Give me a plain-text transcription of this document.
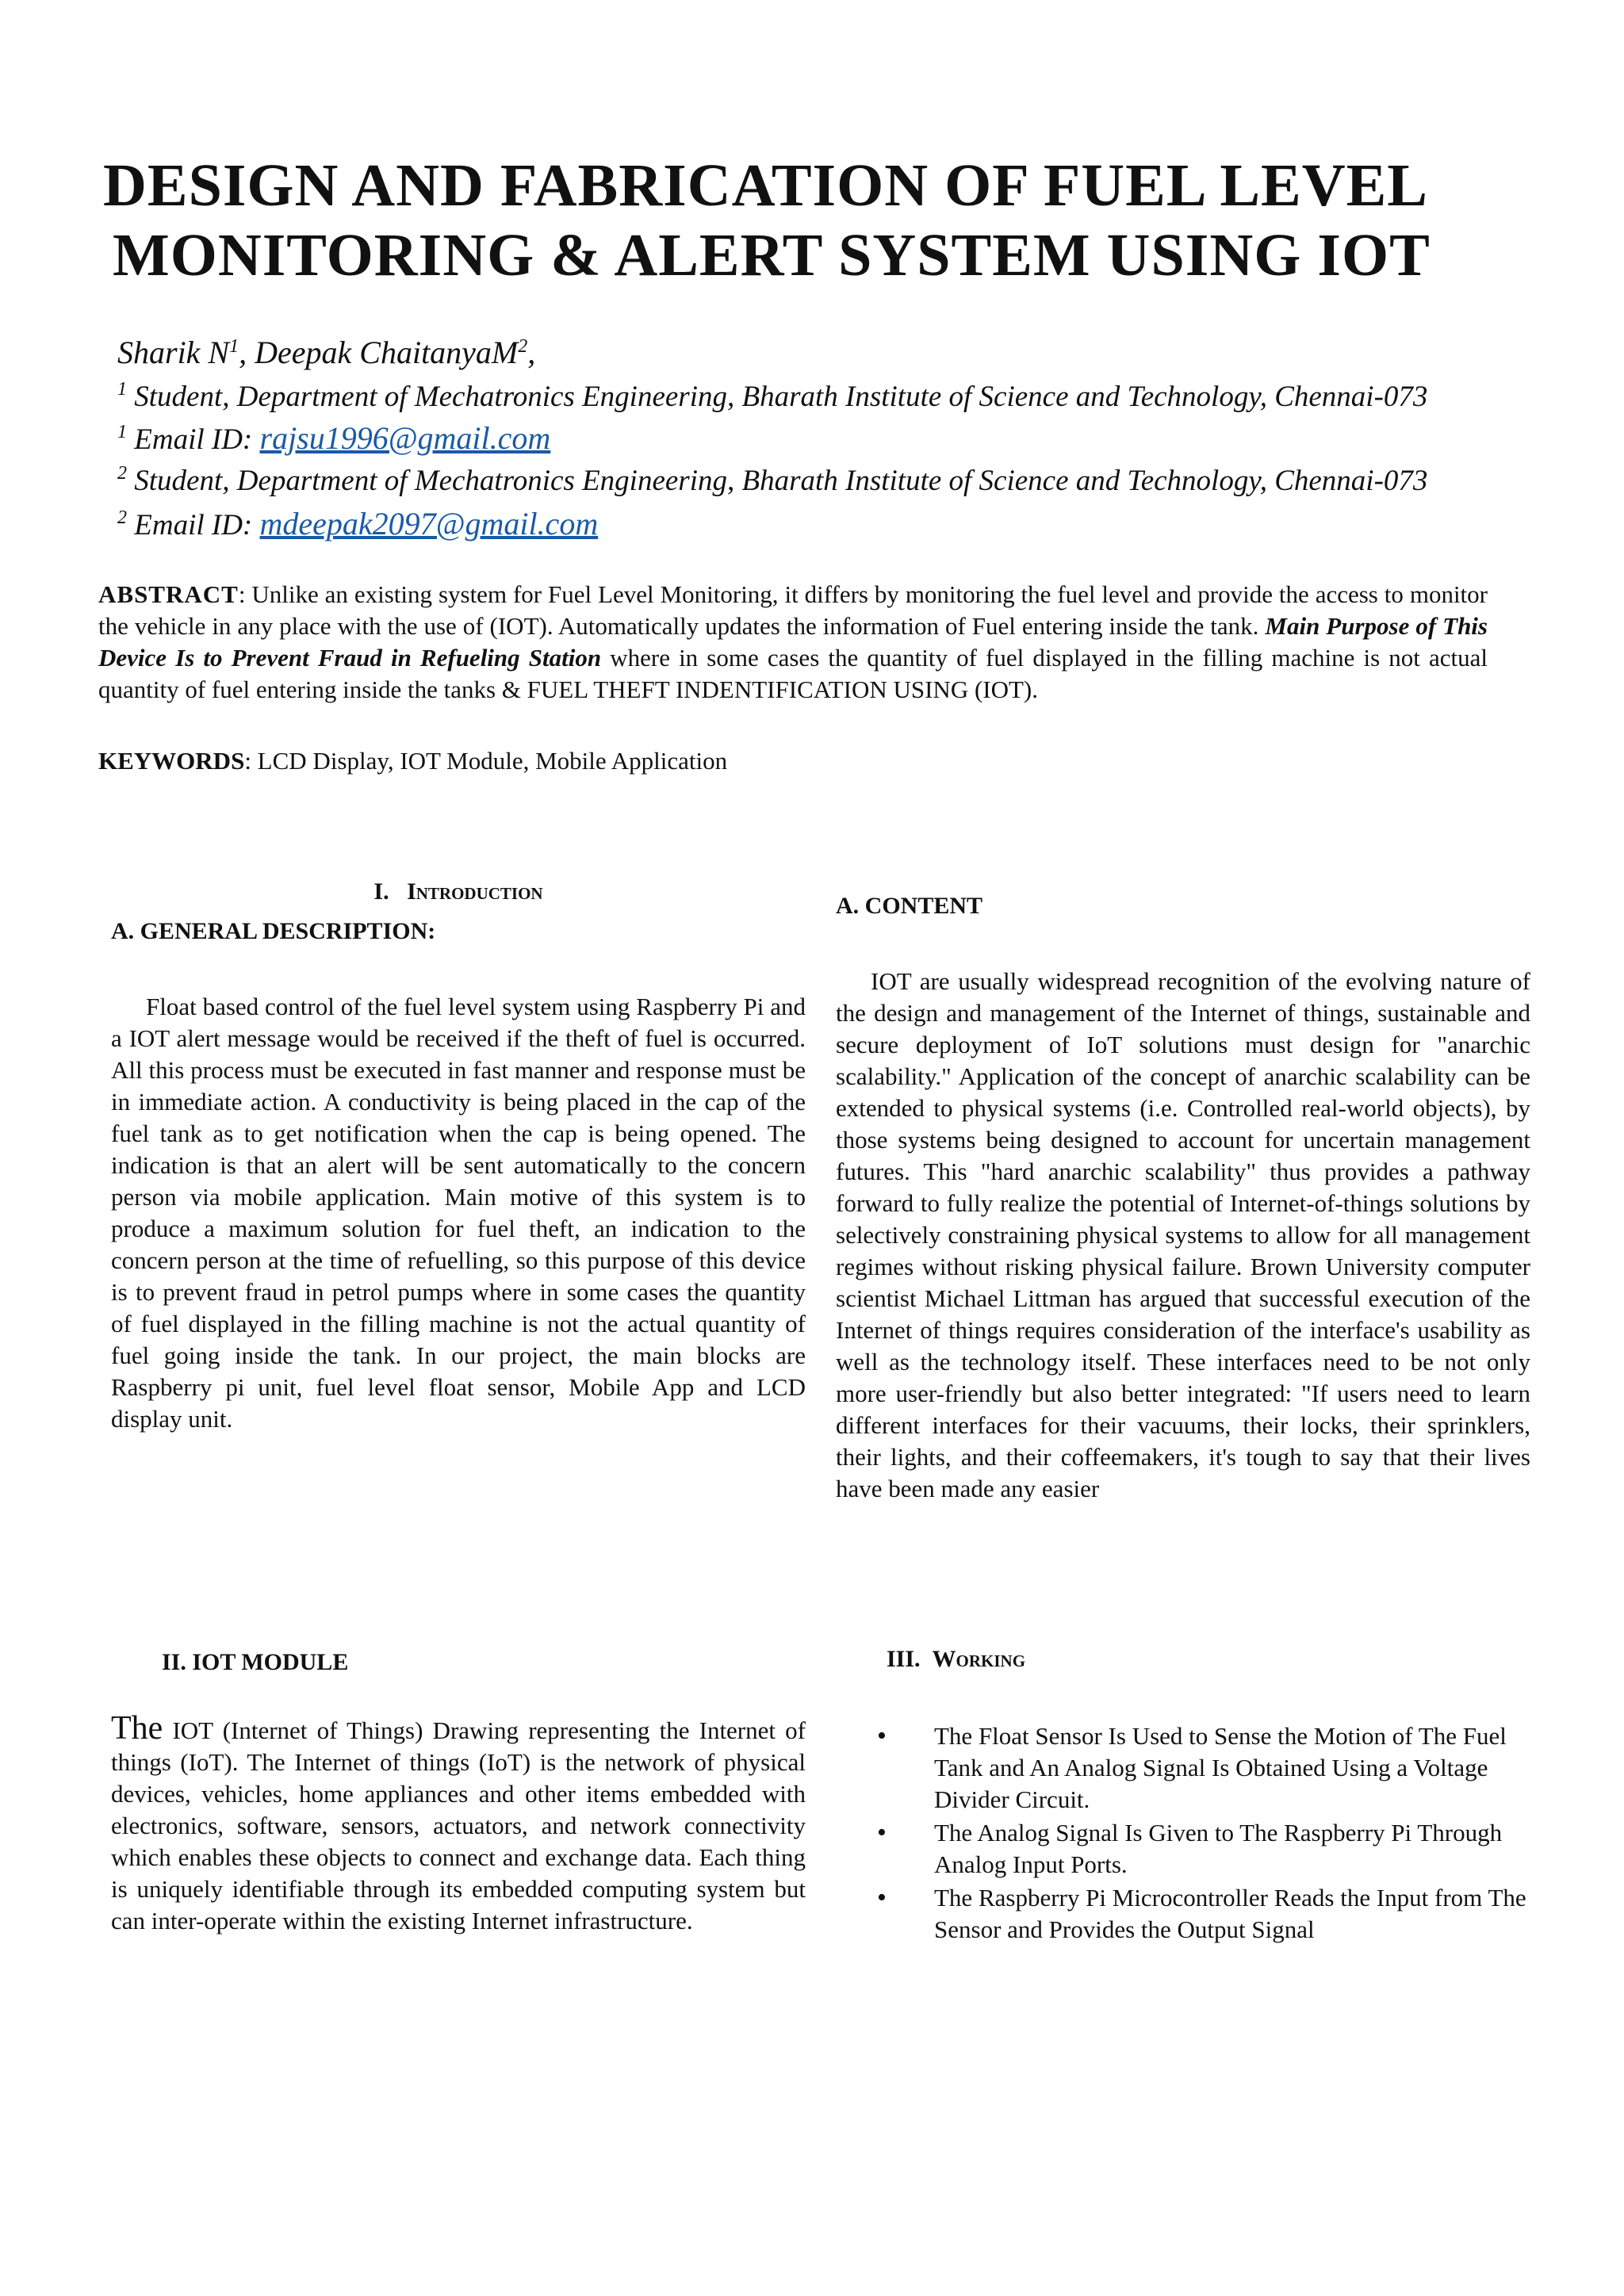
DESIGN AND FABRICATION OF FUEL LEVEL
MONITORING & ALERT SYSTEM USING IOT
Sharik $N^1$, Deepak ChaitanyaM$^2$,
$^1$ Student, Department of Mechatronics Engineering, Bharath Institute of Science and Technology, Chennai-073
$^1$ Email ID: rajsu1996@gmail.com
$^2$ Student, Department of Mechatronics Engineering, Bharath Institute of Science and Technology, Chennai-073
$^2$ Email ID: mdeepak2097@gmail.com
ABSTRACT: Unlike an existing system for Fuel Level Monitoring, it differs by monitoring the fuel level and provide the access to monitor the vehicle in any place with the use of (IOT). Automatically updates the information of Fuel entering inside the tank. Main Purpose of This Device Is to Prevent Fraud in Refueling Station where in some cases the quantity of fuel displayed in the filling machine is not actual quantity of fuel entering inside the tanks & FUEL THEFT INDENTIFICATION USING (IOT).
KEYWORDS: LCD Display, IOT Module, Mobile Application
I. Introduction
A. GENERAL DESCRIPTION:
Float based control of the fuel level system using Raspberry Pi and a IOT alert message would be received if the theft of fuel is occurred. All this process must be executed in fast manner and response must be in immediate action. A conductivity is being placed in the cap of the fuel tank as to get notification when the cap is being opened. The indication is that an alert will be sent automatically to the concern person via mobile application. Main motive of this system is to produce a maximum solution for fuel theft, an indication to the concern person at the time of refuelling, so this purpose of this device is to prevent fraud in petrol pumps where in some cases the quantity of fuel displayed in the filling machine is not the actual quantity of fuel going inside the tank. In our project, the main blocks are Raspberry pi unit, fuel level float sensor, Mobile App and LCD display unit.
A. CONTENT
IOT are usually widespread recognition of the evolving nature of the design and management of the Internet of things, sustainable and secure deployment of IoT solutions must design for "anarchic scalability." Application of the concept of anarchic scalability can be extended to physical systems (i.e. Controlled real-world objects), by those systems being designed to account for uncertain management futures. This "hard anarchic scalability" thus provides a pathway forward to fully realize the potential of Internet-of-things solutions by selectively constraining physical systems to allow for all management regimes without risking physical failure. Brown University computer scientist Michael Littman has argued that successful execution of the Internet of things requires consideration of the interface's usability as well as the technology itself. These interfaces need to be not only more user-friendly but also better integrated: "If users need to learn different interfaces for their vacuums, their locks, their sprinklers, their lights, and their coffeemakers, it's tough to say that their lives have been made any easier
II. IOT MODULE
The IOT (Internet of Things) Drawing representing the Internet of things (IoT). The Internet of things (IoT) is the network of physical devices, vehicles, home appliances and other items embedded with electronics, software, sensors, actuators, and network connectivity which enables these objects to connect and exchange data. Each thing is uniquely identifiable through its embedded computing system but can inter-operate within the existing Internet infrastructure.
III. Working
• The Float Sensor Is Used to Sense the Motion of The Fuel Tank and An Analog Signal Is Obtained Using a Voltage Divider Circuit.
• The Analog Signal Is Given to The Raspberry Pi Through Analog Input Ports.
• The Raspberry Pi Microcontroller Reads the Input from The Sensor and Provides the Output Signal
